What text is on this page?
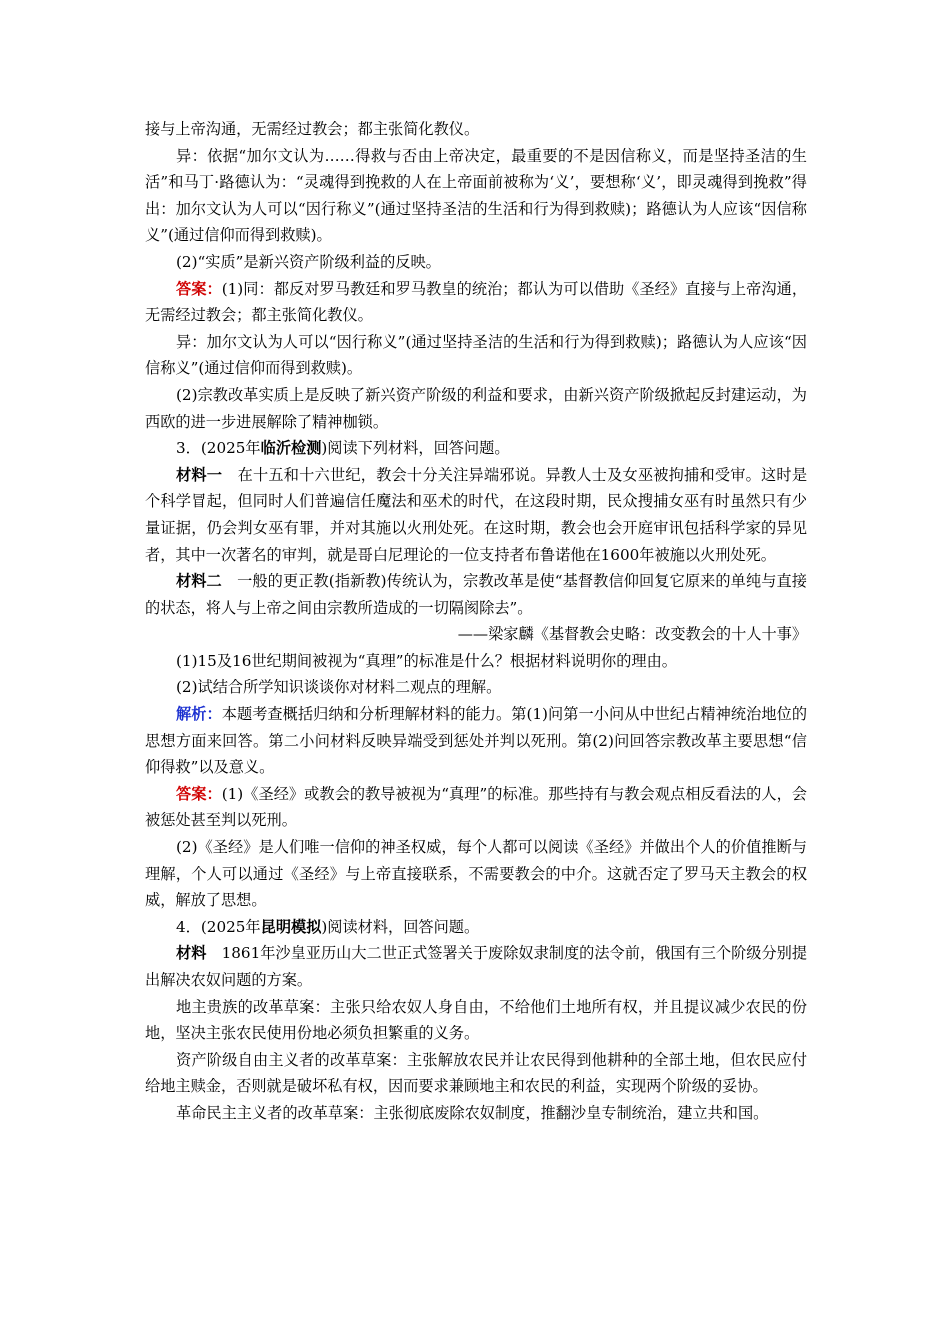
接与上帝沟通，无需经过教会；都主张简化教仪。

异：依据“加尔文认为……得救与否由上帝决定，最重要的不是因信称义，而是坚持圣洁的生活”和马丁·路德认为：“灵魂得到挽救的人在上帝面前被称为‘义’，要想称‘义’，即灵魂得到挽救”得出：加尔文认为人可以“因行称义”(通过坚持圣洁的生活和行为得到救赎)；路德认为人应该“因信称义”(通过信仰而得到救赎)。

(2)“实质”是新兴资产阶级利益的反映。

答案：(1)同：都反对罗马教廷和罗马教皇的统治；都认为可以借助《圣经》直接与上帝沟通，无需经过教会；都主张简化教仪。

异：加尔文认为人可以“因行称义”(通过坚持圣洁的生活和行为得到救赎)；路德认为人应该“因信称义”(通过信仰而得到救赎)。

(2)宗教改革实质上是反映了新兴资产阶级的利益和要求，由新兴资产阶级掀起反封建运动，为西欧的进一步进展解除了精神枷锁。

3．(2025年临沂检测)阅读下列材料，回答问题。

材料一　在十五和十六世纪，教会十分关注异端邪说。异教人士及女巫被拘捕和受审。这时是个科学冒起，但同时人们普遍信任魔法和巫术的时代，在这段时期，民众搜捕女巫有时虽然只有少量证据，仍会判女巫有罪，并对其施以火刑处死。在这时期，教会也会开庭审讯包括科学家的异见者，其中一次著名的审判，就是哥白尼理论的一位支持者布鲁诺他在1600年被施以火刑处死。

材料二　一般的更正教(指新教)传统认为，宗教改革是使“基督教信仰回复它原来的单纯与直接的状态，将人与上帝之间由宗教所造成的一切隔阂除去”。

——梁家麟《基督教会史略：改变教会的十人十事》

(1)15及16世纪期间被视为“真理”的标准是什么？根据材料说明你的理由。

(2)试结合所学知识谈谈你对材料二观点的理解。

解析：本题考查概括归纳和分析理解材料的能力。第(1)问第一小问从中世纪占精神统治地位的思想方面来回答。第二小问材料反映异端受到惩处并判以死刑。第(2)问回答宗教改革主要思想“信仰得救”以及意义。

答案：(1)《圣经》或教会的教导被视为“真理”的标准。那些持有与教会观点相反看法的人，会被惩处甚至判以死刑。

(2)《圣经》是人们唯一信仰的神圣权威，每个人都可以阅读《圣经》并做出个人的价值推断与理解，个人可以通过《圣经》与上帝直接联系，不需要教会的中介。这就否定了罗马天主教会的权威，解放了思想。

4．(2025年昆明模拟)阅读材料，回答问题。

材料　1861年沙皇亚历山大二世正式签署关于废除奴隶制度的法令前，俄国有三个阶级分别提出解决农奴问题的方案。

地主贵族的改革草案：主张只给农奴人身自由，不给他们土地所有权，并且提议减少农民的份地，坚决主张农民使用份地必须负担繁重的义务。

资产阶级自由主义者的改革草案：主张解放农民并让农民得到他耕种的全部土地，但农民应付给地主赎金，否则就是破坏私有权，因而要求兼顾地主和农民的利益，实现两个阶级的妥协。

革命民主主义者的改革草案：主张彻底废除农奴制度，推翻沙皇专制统治，建立共和国。
